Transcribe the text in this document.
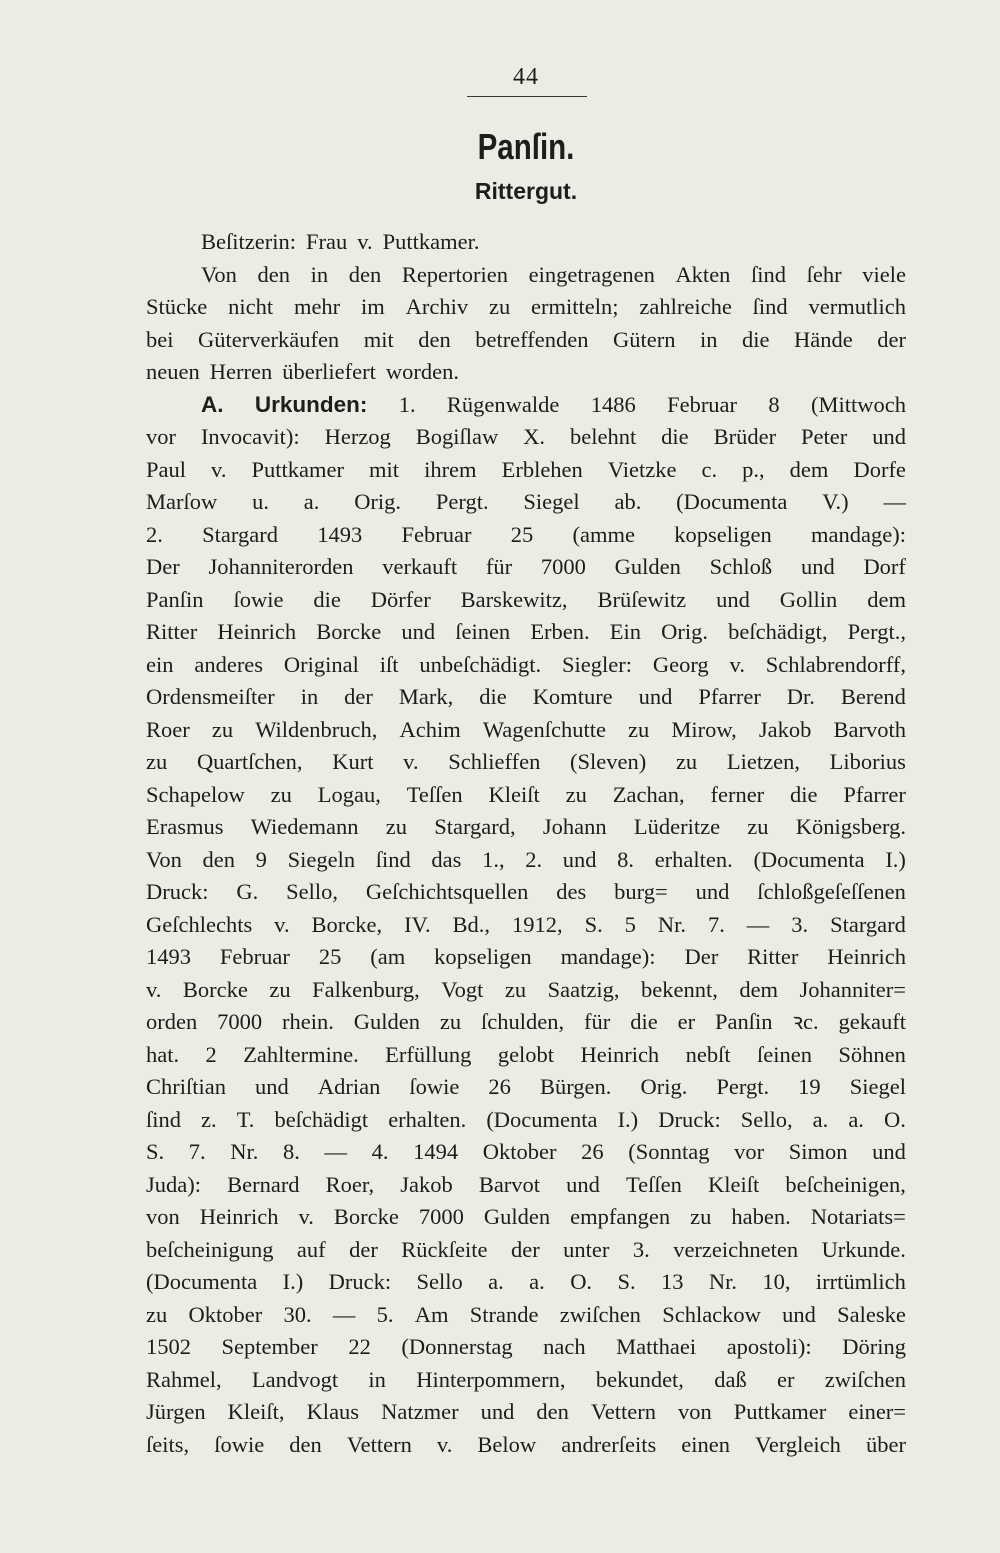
44
Panſin.
Rittergut.
Beſitzerin: Frau v. Puttkamer.
Von den in den Repertorien eingetragenen Akten ſind ſehr viele
Stücke nicht mehr im Archiv zu ermitteln; zahlreiche ſind vermutlich
bei Güterverkäufen mit den betreffenden Gütern in die Hände der
neuen Herren überliefert worden.
A. Urkunden: 1. Rügenwalde 1486 Februar 8 (Mittwoch
vor Invocavit): Herzog Bogiſlaw X. belehnt die Brüder Peter und
Paul v. Puttkamer mit ihrem Erblehen Vietzke c. p., dem Dorfe
Marſow u. a. Orig. Pergt. Siegel ab. (Documenta V.) —
2. Stargard 1493 Februar 25 (amme kopseligen mandage):
Der Johanniterorden verkauft für 7000 Gulden Schloß und Dorf
Panſin ſowie die Dörfer Barskewitz, Brüſewitz und Gollin dem
Ritter Heinrich Borcke und ſeinen Erben. Ein Orig. beſchädigt, Pergt.,
ein anderes Original iſt unbeſchädigt. Siegler: Georg v. Schlabrendorff,
Ordensmeiſter in der Mark, die Komture und Pfarrer Dr. Berend
Roer zu Wildenbruch, Achim Wagenſchutte zu Mirow, Jakob Barvoth
zu Quartſchen, Kurt v. Schlieffen (Sleven) zu Lietzen, Liborius
Schapelow zu Logau, Teſſen Kleiſt zu Zachan, ferner die Pfarrer
Erasmus Wiedemann zu Stargard, Johann Lüderitze zu Königsberg.
Von den 9 Siegeln ſind das 1., 2. und 8. erhalten. (Documenta I.)
Druck: G. Sello, Geſchichtsquellen des burg= und ſchloßgeſeſſenen
Geſchlechts v. Borcke, IV. Bd., 1912, S. 5 Nr. 7. — 3. Stargard
1493 Februar 25 (am kopseligen mandage): Der Ritter Heinrich
v. Borcke zu Falkenburg, Vogt zu Saatzig, bekennt, dem Johanniter=
orden 7000 rhein. Gulden zu ſchulden, für die er Panſin ꝛc. gekauft
hat. 2 Zahltermine. Erfüllung gelobt Heinrich nebſt ſeinen Söhnen
Chriſtian und Adrian ſowie 26 Bürgen. Orig. Pergt. 19 Siegel
ſind z. T. beſchädigt erhalten. (Documenta I.) Druck: Sello, a. a. O.
S. 7. Nr. 8. — 4. 1494 Oktober 26 (Sonntag vor Simon und
Juda): Bernard Roer, Jakob Barvot und Teſſen Kleiſt beſcheinigen,
von Heinrich v. Borcke 7000 Gulden empfangen zu haben. Notariats=
beſcheinigung auf der Rückſeite der unter 3. verzeichneten Urkunde.
(Documenta I.) Druck: Sello a. a. O. S. 13 Nr. 10, irrtümlich
zu Oktober 30. — 5. Am Strande zwiſchen Schlackow und Saleske
1502 September 22 (Donnerstag nach Matthaei apostoli): Döring
Rahmel, Landvogt in Hinterpommern, bekundet, daß er zwiſchen
Jürgen Kleiſt, Klaus Natzmer und den Vettern von Puttkamer einer=
ſeits, ſowie den Vettern v. Below andrerſeits einen Vergleich über
